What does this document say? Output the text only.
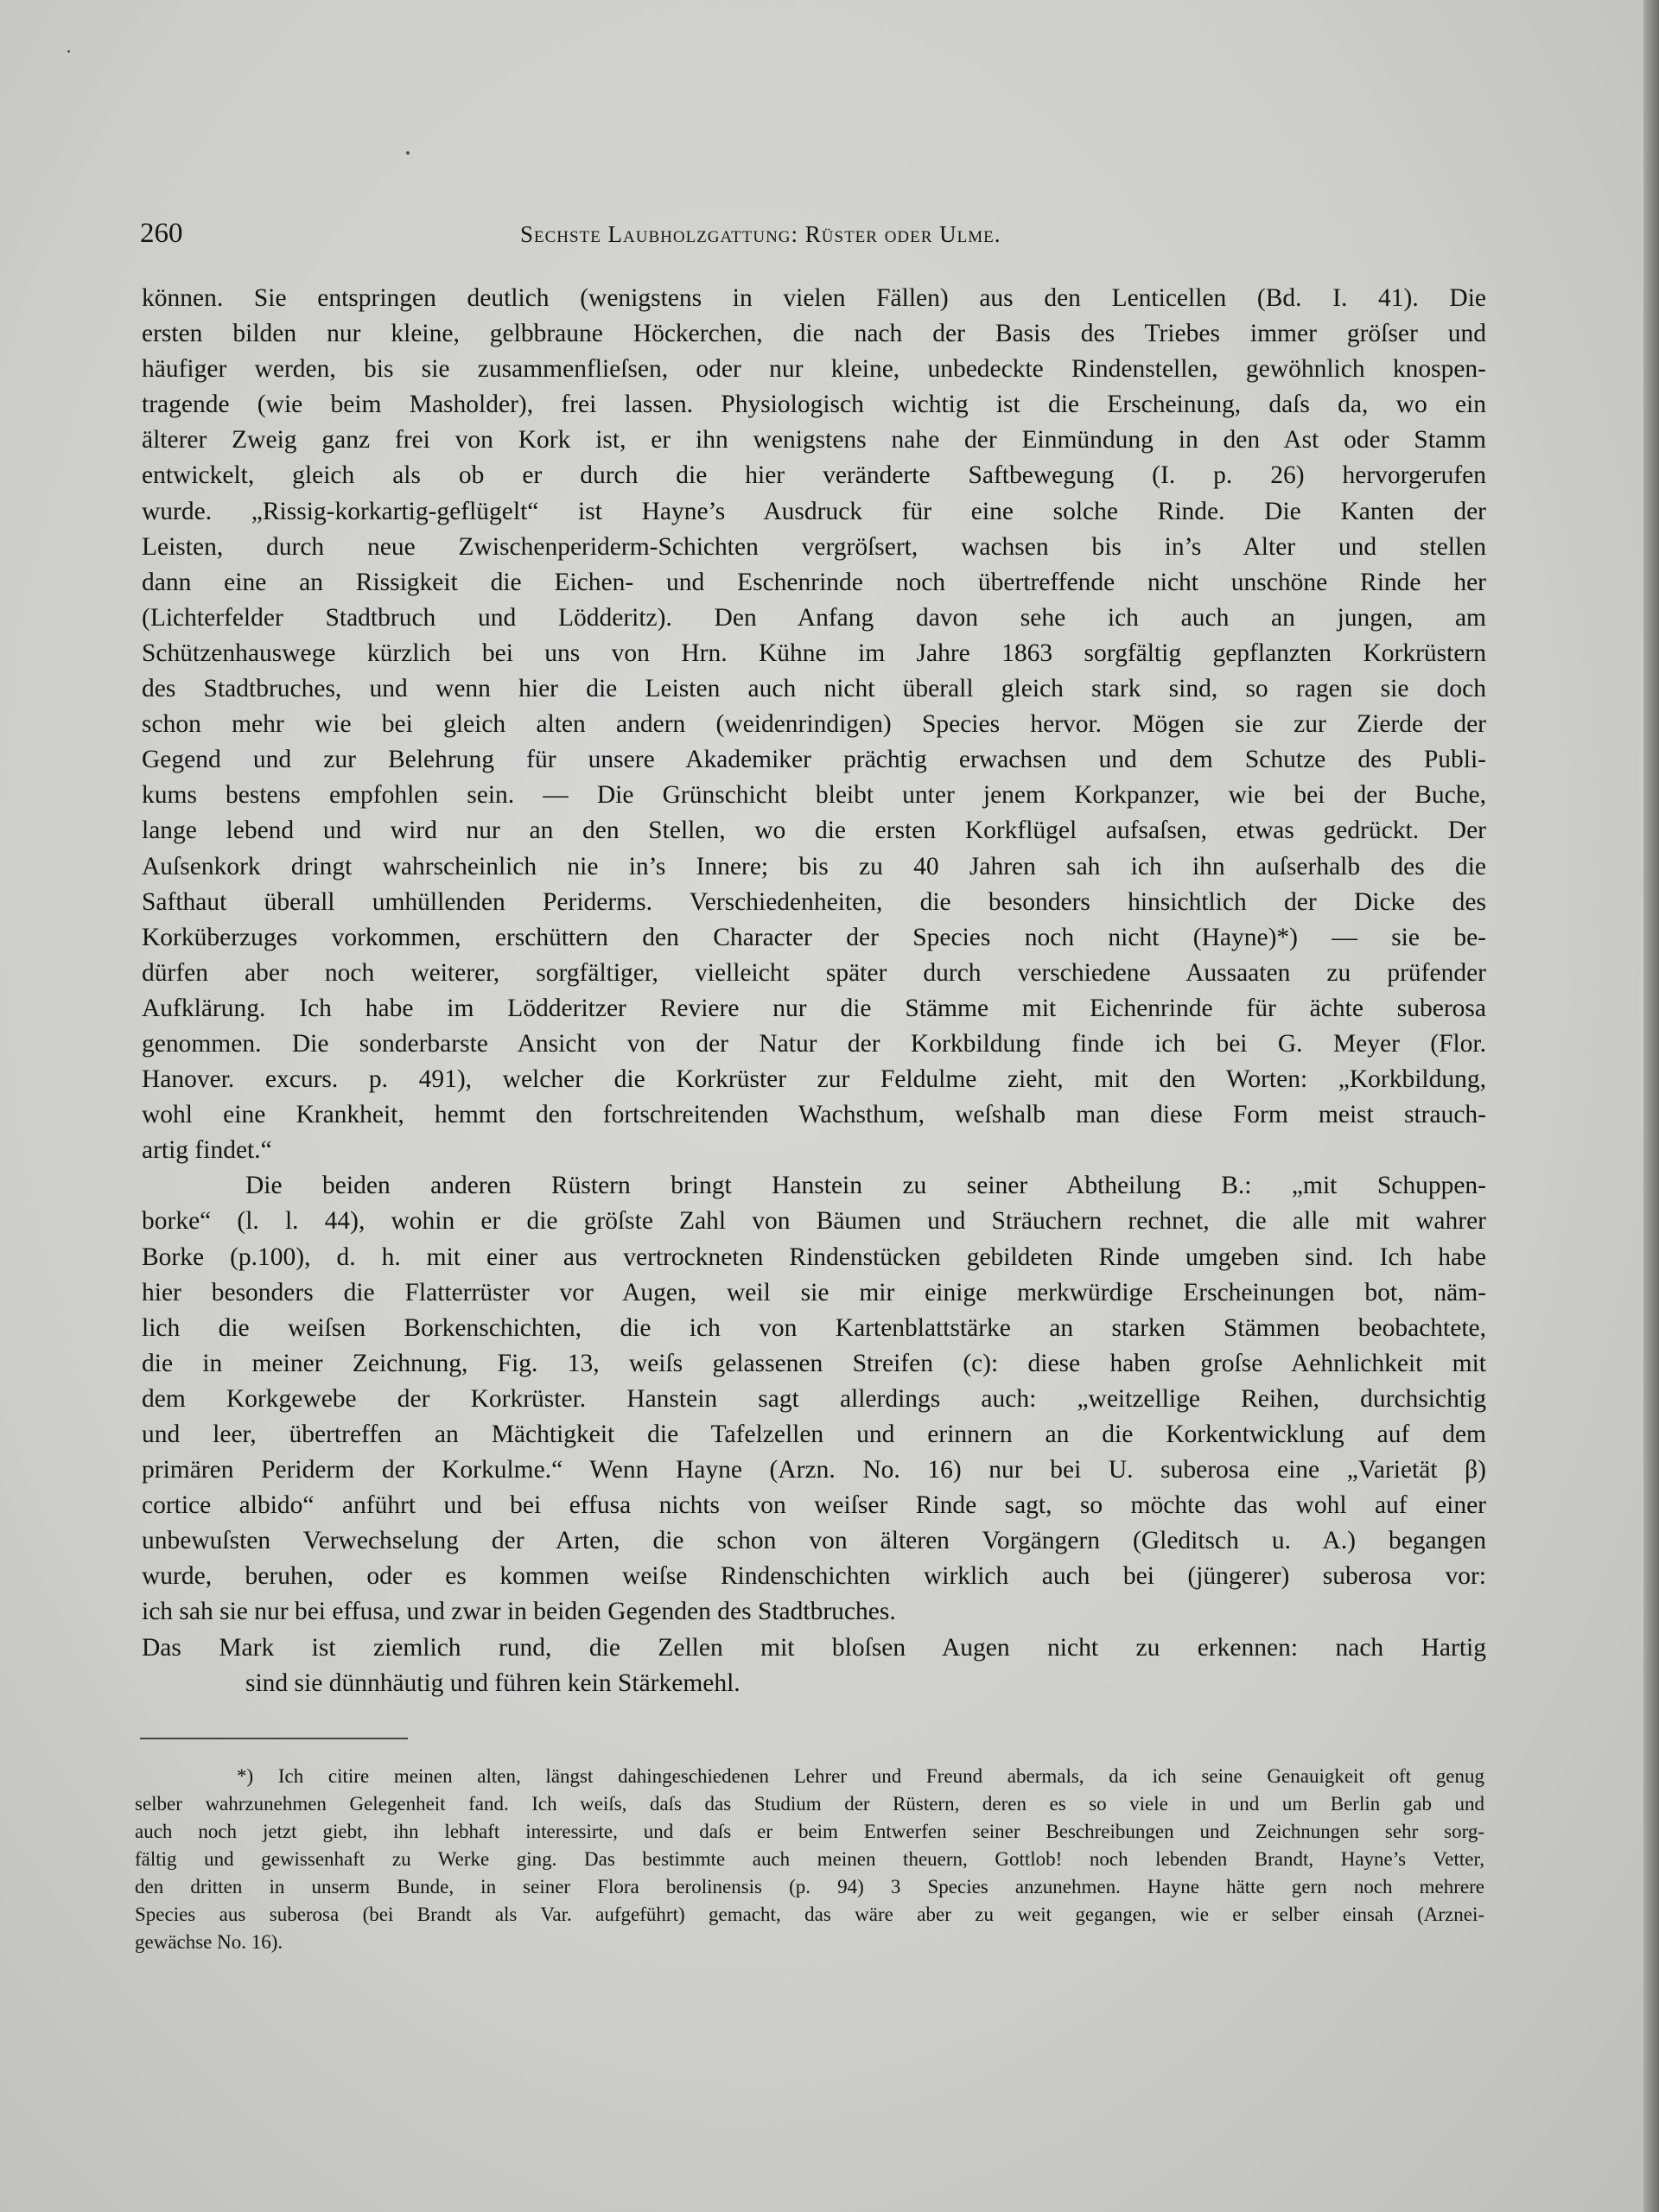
260	Sechste Laubholzgattung: Rüster oder Ulme.
können. Sie entspringen deutlich (wenigstens in vielen Fällen) aus den Lenticellen (Bd. I. 41). Die
ersten bilden nur kleine, gelbbraune Höckerchen, die nach der Basis des Triebes immer gröſser und
häufiger werden, bis sie zusammenflieſsen, oder nur kleine, unbedeckte Rindenstellen, gewöhnlich knospen-
tragende (wie beim Masholder), frei lassen. Physiologisch wichtig ist die Erscheinung, daſs da, wo ein
älterer Zweig ganz frei von Kork ist, er ihn wenigstens nahe der Einmündung in den Ast oder Stamm
entwickelt, gleich als ob er durch die hier veränderte Saftbewegung (I. p. 26) hervorgerufen
wurde. „Rissig-korkartig-geflügelt“ ist Hayne’s Ausdruck für eine solche Rinde. Die Kanten der
Leisten, durch neue Zwischenperiderm-Schichten vergröſsert, wachsen bis in’s Alter und stellen
dann eine an Rissigkeit die Eichen- und Eschenrinde noch übertreffende nicht unschöne Rinde her
(Lichterfelder Stadtbruch und Lödderitz). Den Anfang davon sehe ich auch an jungen, am
Schützenhauswege kürzlich bei uns von Hrn. Kühne im Jahre 1863 sorgfältig gepflanzten Korkrüstern
des Stadtbruches, und wenn hier die Leisten auch nicht überall gleich stark sind, so ragen sie doch
schon mehr wie bei gleich alten andern (weidenrindigen) Species hervor. Mögen sie zur Zierde der
Gegend und zur Belehrung für unsere Akademiker prächtig erwachsen und dem Schutze des Publi-
kums bestens empfohlen sein. — Die Grünschicht bleibt unter jenem Korkpanzer, wie bei der Buche,
lange lebend und wird nur an den Stellen, wo die ersten Korkflügel aufsaſsen, etwas gedrückt. Der
Auſsenkork dringt wahrscheinlich nie in’s Innere; bis zu 40 Jahren sah ich ihn auſserhalb des die
Safthaut überall umhüllenden Periderms. Verschiedenheiten, die besonders hinsichtlich der Dicke des
Korküberzuges vorkommen, erschüttern den Character der Species noch nicht (Hayne)*) — sie be-
dürfen aber noch weiterer, sorgfältiger, vielleicht später durch verschiedene Aussaaten zu prüfender
Aufklärung. Ich habe im Lödderitzer Reviere nur die Stämme mit Eichenrinde für ächte suberosa
genommen. Die sonderbarste Ansicht von der Natur der Korkbildung finde ich bei G. Meyer (Flor.
Hanover. excurs. p. 491), welcher die Korkrüster zur Feldulme zieht, mit den Worten: „Korkbildung,
wohl eine Krankheit, hemmt den fortschreitenden Wachsthum, weſshalb man diese Form meist strauch-
artig findet.“
Die beiden anderen Rüstern bringt Hanstein zu seiner Abtheilung B.: „mit Schuppen-
borke“ (l. l. 44), wohin er die gröſste Zahl von Bäumen und Sträuchern rechnet, die alle mit wahrer
Borke (p.100), d. h. mit einer aus vertrockneten Rindenstücken gebildeten Rinde umgeben sind. Ich habe
hier besonders die Flatterrüster vor Augen, weil sie mir einige merkwürdige Erscheinungen bot, näm-
lich die weiſsen Borkenschichten, die ich von Kartenblattstärke an starken Stämmen beobachtete,
die in meiner Zeichnung, Fig. 13, weiſs gelassenen Streifen (c): diese haben groſse Aehnlichkeit mit
dem Korkgewebe der Korkrüster. Hanstein sagt allerdings auch: „weitzellige Reihen, durchsichtig
und leer, übertreffen an Mächtigkeit die Tafelzellen und erinnern an die Korkentwicklung auf dem
primären Periderm der Korkulme.“ Wenn Hayne (Arzn. No. 16) nur bei U. suberosa eine „Varietät β)
cortice albido“ anführt und bei effusa nichts von weiſser Rinde sagt, so möchte das wohl auf einer
unbewuſsten Verwechselung der Arten, die schon von älteren Vorgängern (Gleditsch u. A.) begangen
wurde, beruhen, oder es kommen weiſse Rindenschichten wirklich auch bei (jüngerer) suberosa vor:
ich sah sie nur bei effusa, und zwar in beiden Gegenden des Stadtbruches.
Das Mark ist ziemlich rund, die Zellen mit bloſsen Augen nicht zu erkennen: nach Hartig
sind sie dünnhäutig und führen kein Stärkemehl.
*) Ich citire meinen alten, längst dahingeschiedenen Lehrer und Freund abermals, da ich seine Genauigkeit oft genug
selber wahrzunehmen Gelegenheit fand. Ich weiſs, daſs das Studium der Rüstern, deren es so viele in und um Berlin gab und
auch noch jetzt giebt, ihn lebhaft interessirte, und daſs er beim Entwerfen seiner Beschreibungen und Zeichnungen sehr sorg-
fältig und gewissenhaft zu Werke ging. Das bestimmte auch meinen theuern, Gottlob! noch lebenden Brandt, Hayne’s Vetter,
den dritten in unserm Bunde, in seiner Flora berolinensis (p. 94) 3 Species anzunehmen. Hayne hätte gern noch mehrere
Species aus suberosa (bei Brandt als Var. aufgeführt) gemacht, das wäre aber zu weit gegangen, wie er selber einsah (Arznei-
gewächse No. 16).
